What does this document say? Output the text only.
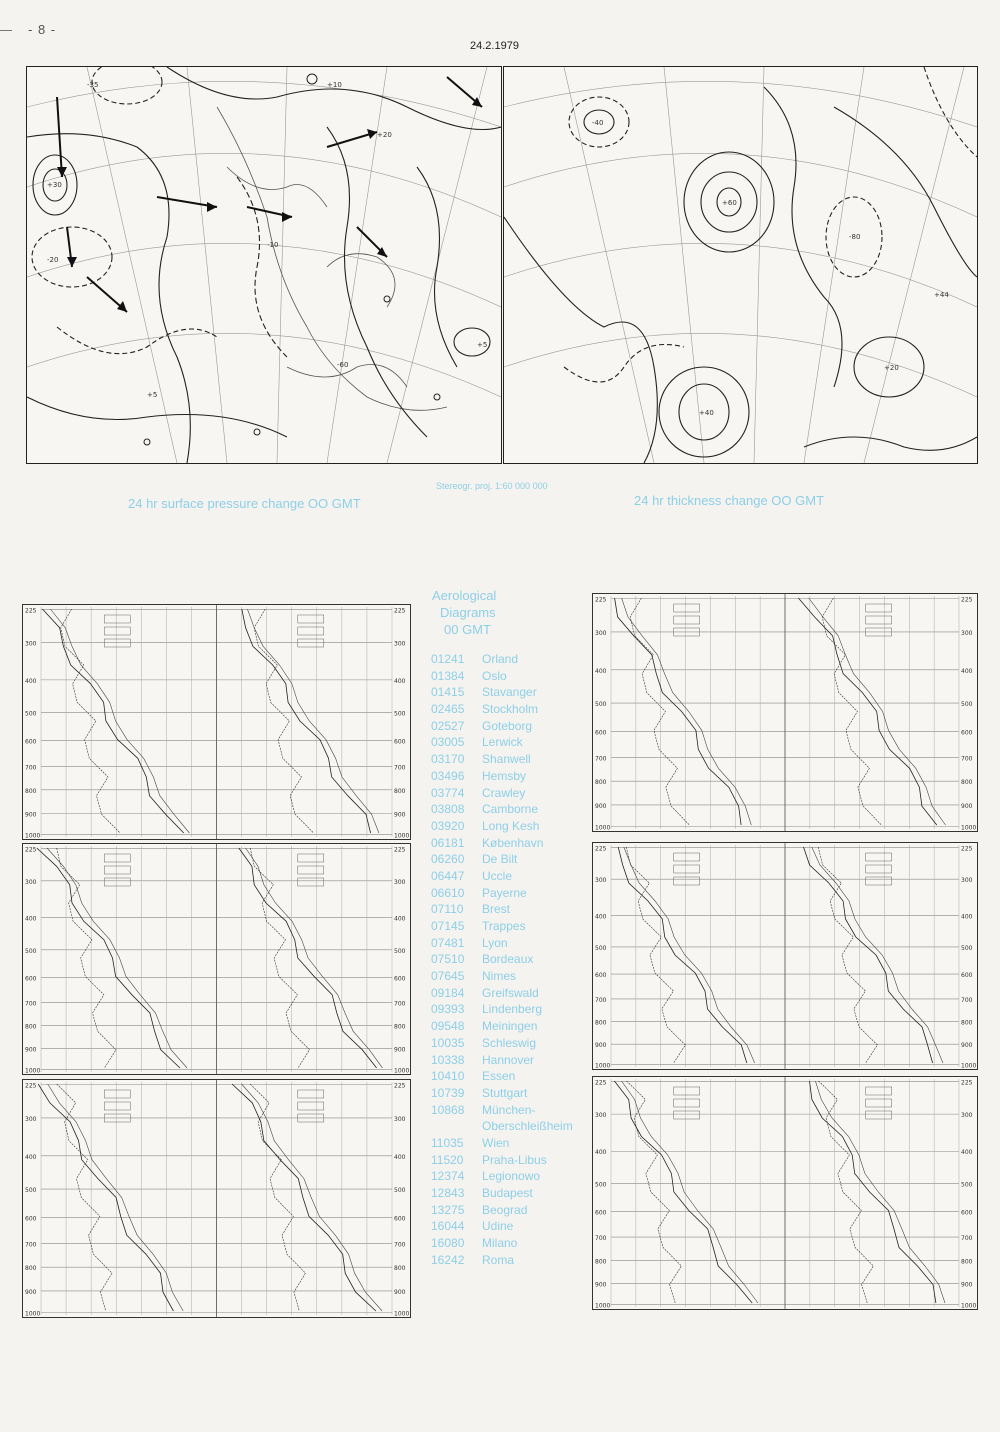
- 8 -
24.2.1979
+30
-35
-20
+10
-10
+20
+5
-60
+5
-40
+60
+40
+20
-80
+44
Stereogr. proj. 1:60 000 000
24 hr surface pressure change OO GMT	24 hr thickness change OO GMT
225	225
300	300
400	400
500	500
600	600
700	700
800	800
900	900
1000	1000
225	225
300	300
400	400
500	500
600	600
700	700
800	800
900	900
1000	1000
225	225
300	300
400	400
500	500
600	600
700	700
800	800
900	900
1000	1000
225	225
300	300
400	400
500	500
600	600
700	700
800	800
900	900
1000	1000
225	225
300	300
400	400
500	500
600	600
700	700
800	800
900	900
1000	1000
225	225
300	300
400	400
500	500
600	600
700	700
800	800
900	900
1000	1000
Aerological
Diagrams
00 GMT
01241	Orland
01384	Oslo
01415	Stavanger
02465	Stockholm
02527	Goteborg
03005	Lerwick
03170	Shanwell
03496	Hemsby
03774	Crawley
03808	Camborne
03920	Long Kesh
06181	København
06260	De Bilt
06447	Uccle
06610	Payerne
07110	Brest
07145	Trappes
07481	Lyon
07510	Bordeaux
07645	Nimes
09184	Greifswald
09393	Lindenberg
09548	Meiningen
10035	Schleswig
10338	Hannover
10410	Essen
10739	Stuttgart
10868	München-Oberschleißheim
11035	Wien
11520	Praha-Libus
12374	Legionowo
12843	Budapest
13275	Beograd
16044	Udine
16080	Milano
16242	Roma
